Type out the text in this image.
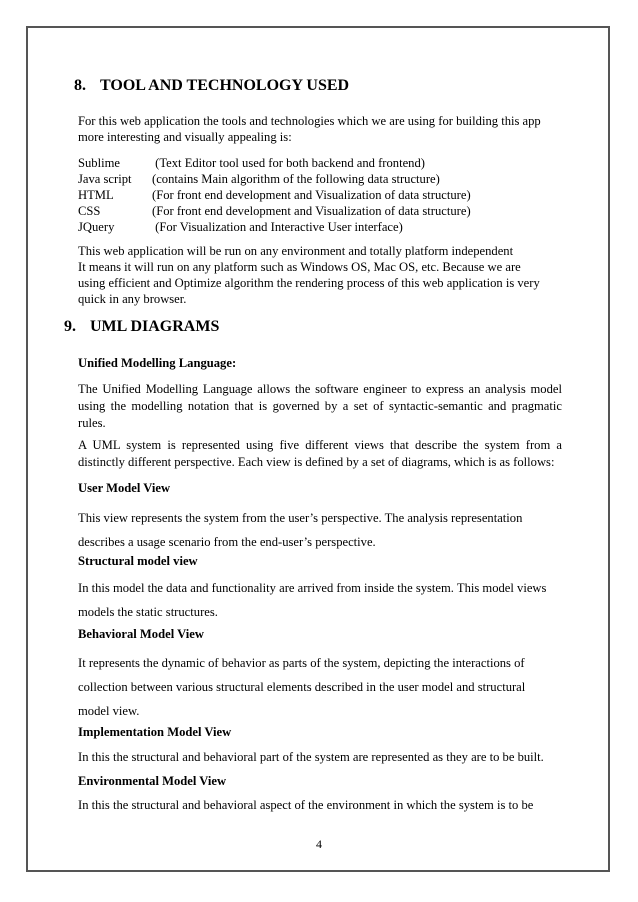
8. TOOL AND TECHNOLOGY USED
For this web application the tools and technologies which we are using for building this app
more interesting and visually appealing is:
Sublime	(Text Editor tool used for both backend and frontend)
Java script (contains Main algorithm of the following data structure)
HTML	(For front end development and Visualization of data structure)
CSS	(For front end development and Visualization of data structure)
JQuery	(For Visualization and Interactive User interface)
This web application will be run on any environment and totally platform independent
It means it will run on any platform such as Windows OS, Mac OS, etc. Because we are
using efficient and Optimize algorithm the rendering process of this web application is very
quick in any browser.
9. UML DIAGRAMS
Unified Modelling Language:
The Unified Modelling Language allows the software engineer to express an analysis model using the modelling notation that is governed by a set of syntactic-semantic and pragmatic rules.
A UML system is represented using five different views that describe the system from a distinctly different perspective. Each view is defined by a set of diagrams, which is as follows:
User Model View
This view represents the system from the user’s perspective. The analysis representation
describes a usage scenario from the end-user’s perspective.
Structural model view
In this model the data and functionality are arrived from inside the system. This model views
models the static structures.
Behavioral Model View
It represents the dynamic of behavior as parts of the system, depicting the interactions of
collection between various structural elements described in the user model and structural
model view.
Implementation Model View
In this the structural and behavioral part of the system are represented as they are to be built.
Environmental Model View
In this the structural and behavioral aspect of the environment in which the system is to be
4
